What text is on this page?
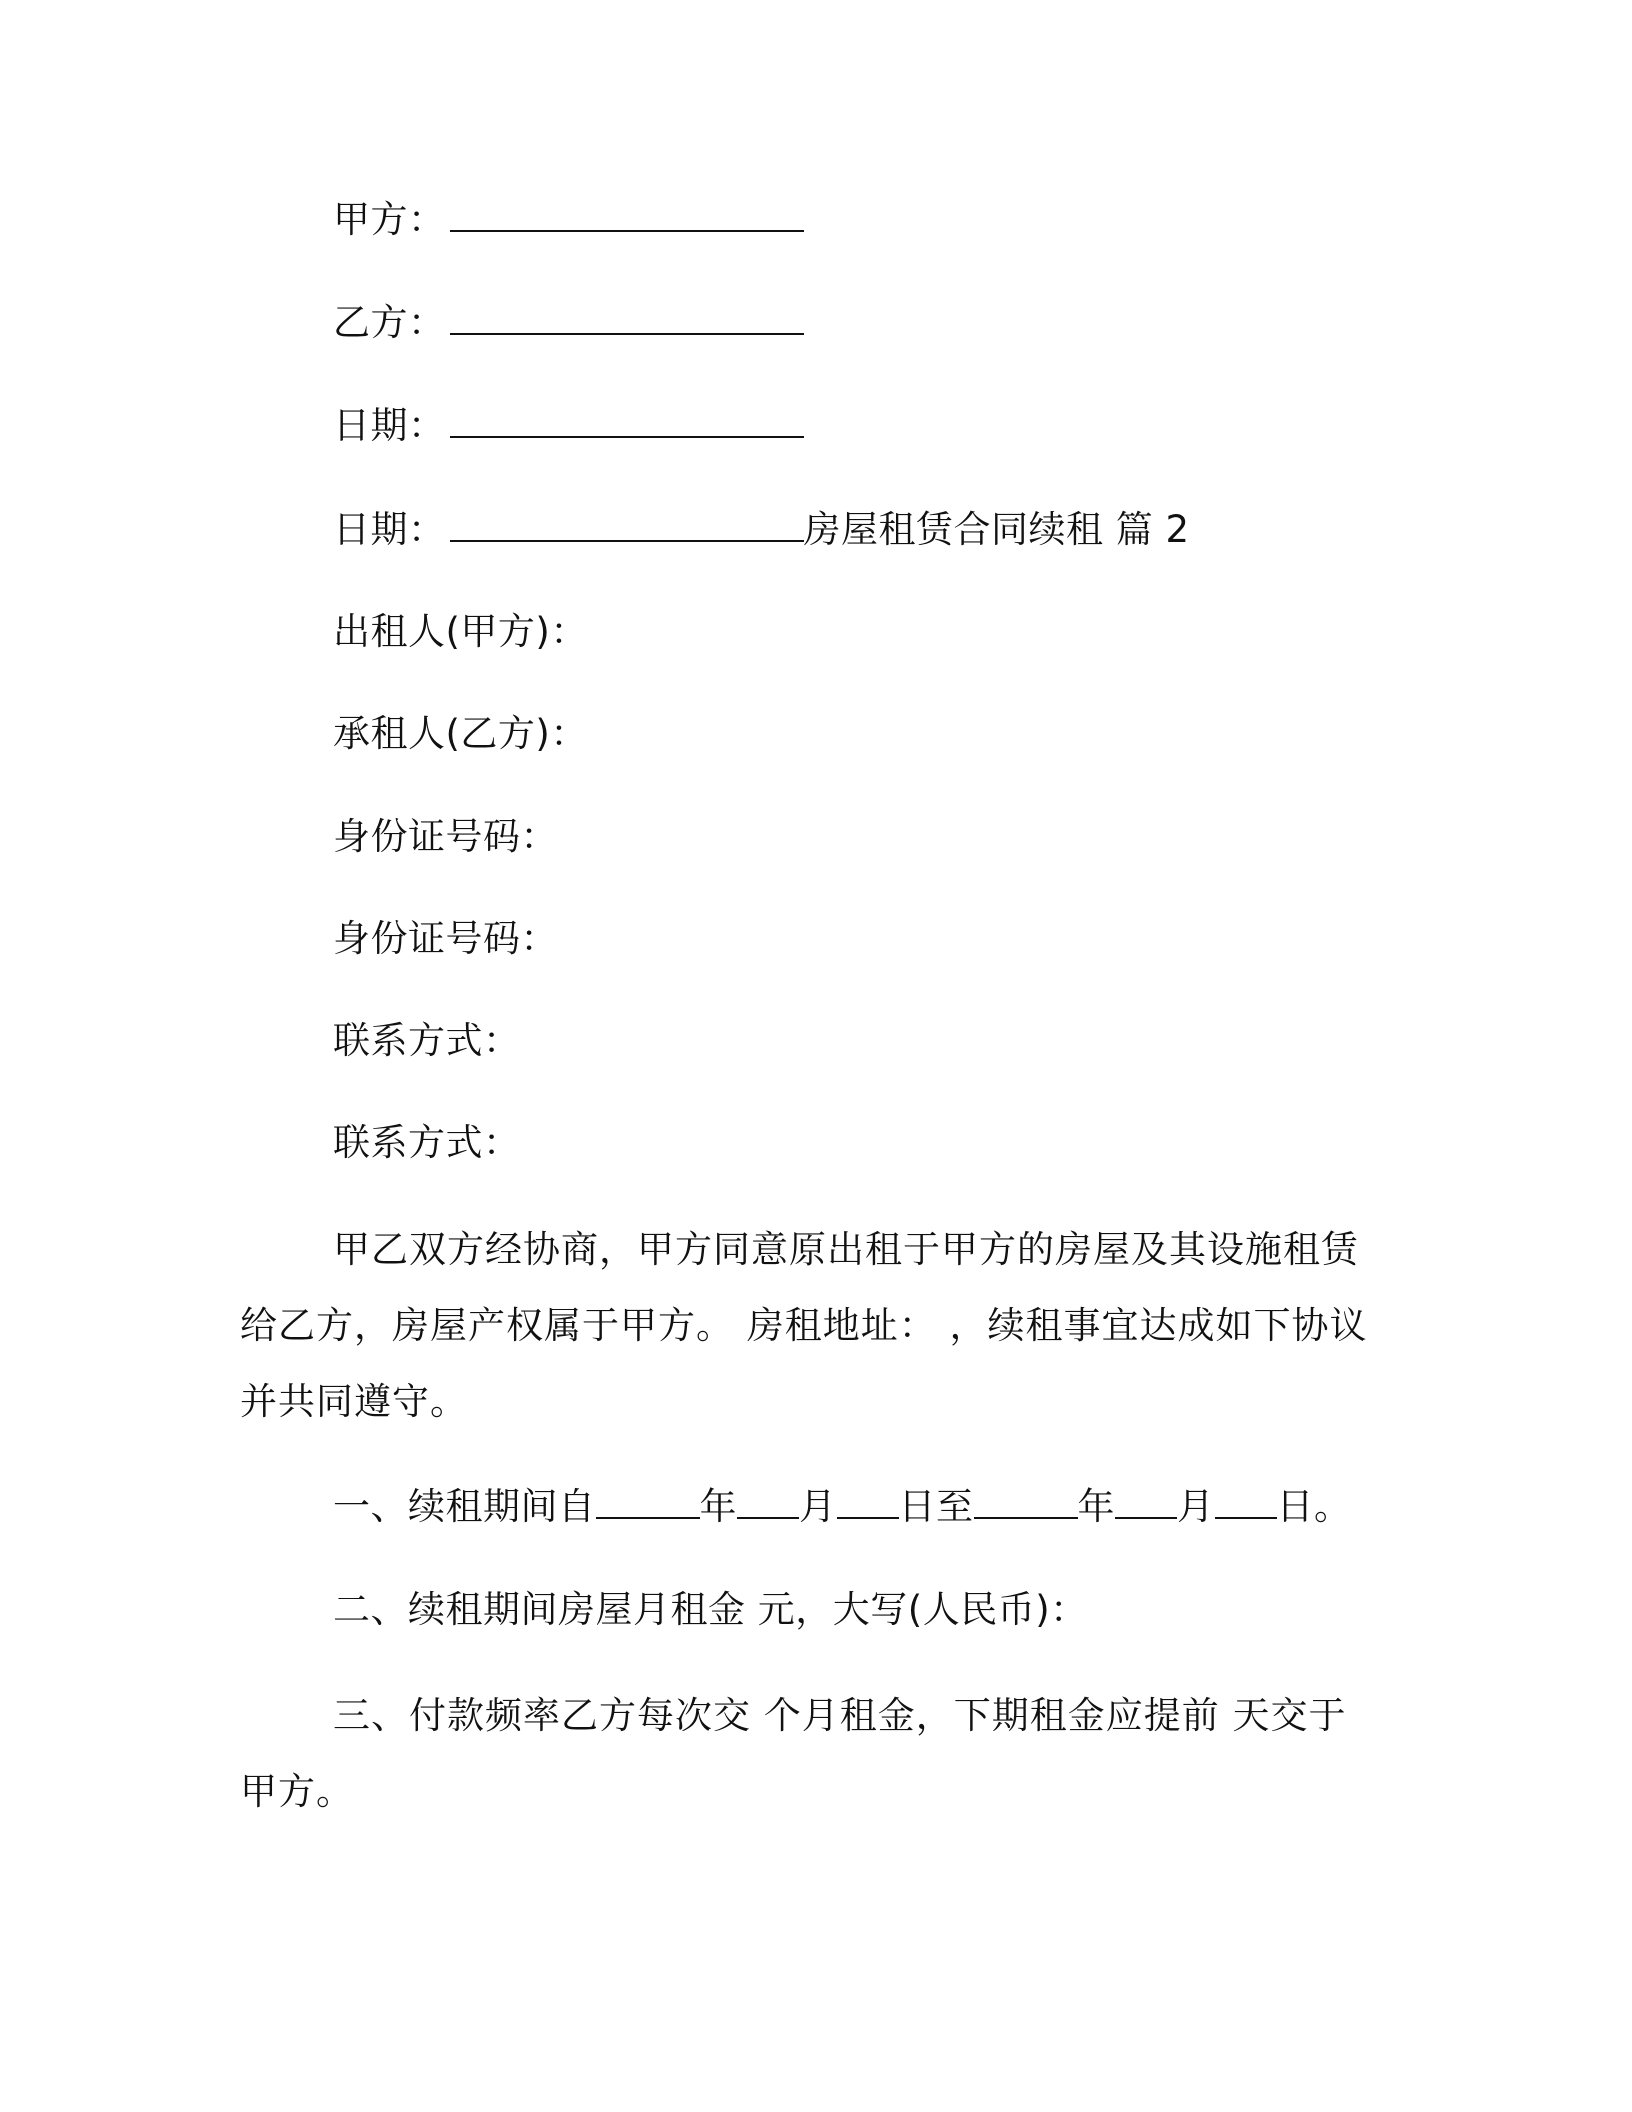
甲方：
乙方：
日期：
日期：	房屋租赁合同续租 篇 2
出租人(甲方)：
承租人(乙方)：
身份证号码：
身份证号码：
联系方式：
联系方式：
甲乙双方经协商，甲方同意原出租于甲方的房屋及其设施租赁给乙方，房屋产权属于甲方。 房租地址： ，续租事宜达成如下协议并共同遵守。
一、续租期间自	年 月 日至	年 月 日。
二、续租期间房屋月租金 元，大写(人民币)：
三、付款频率乙方每次交 个月租金，下期租金应提前 天交于甲方。
